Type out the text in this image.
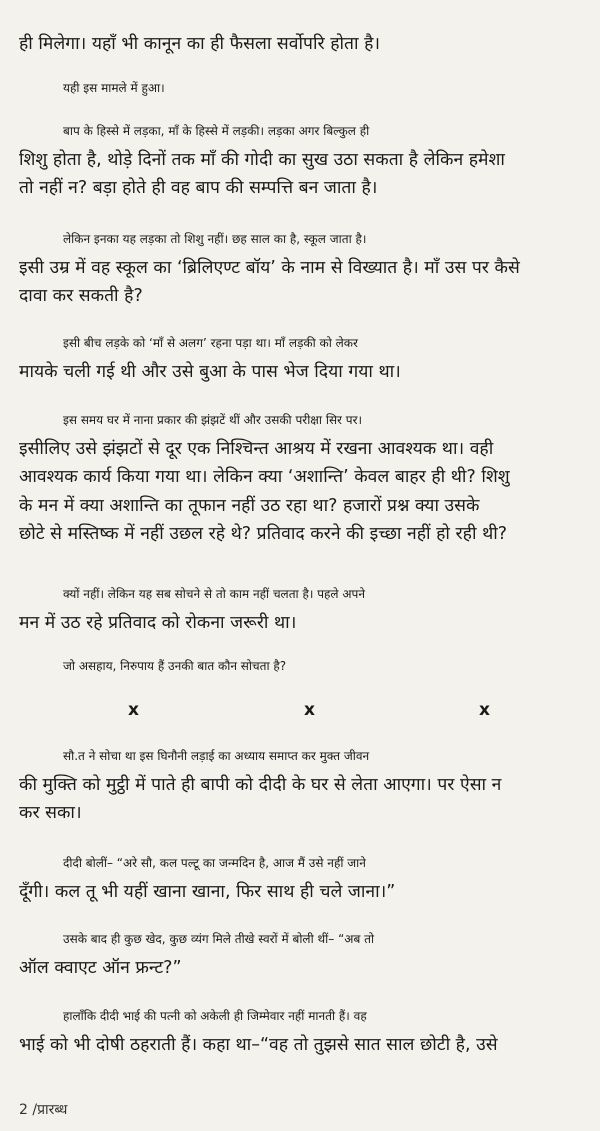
ही मिलेगा। यहाँ भी कानून का ही फैसला सर्वोपरि होता है।
यही इस मामले में हुआ।
बाप के हिस्से में लड़का, माँ के हिस्से में लड़की। लड़का अगर बिल्कुल ही
शिशु होता है, थोड़े दिनों तक माँ की गोदी का सुख उठा सकता है लेकिन हमेशा
तो नहीं न? बड़ा होते ही वह बाप की सम्पत्ति बन जाता है।
लेकिन इनका यह लड़का तो शिशु नहीं। छह साल का है, स्कूल जाता है।
इसी उम्र में वह स्कूल का ‘ब्रिलिएण्ट बॉय’ के नाम से विख्यात है। माँ उस पर कैसे
दावा कर सकती है?
इसी बीच लड़के को ‘माँ से अलग’ रहना पड़ा था। माँ लड़की को लेकर
मायके चली गई थी और उसे बुआ के पास भेज दिया गया था।
इस समय घर में नाना प्रकार की झंझटें थीं और उसकी परीक्षा सिर पर।
इसीलिए उसे झंझटों से दूर एक निश्चिन्त आश्रय में रखना आवश्यक था। वही
आवश्यक कार्य किया गया था। लेकिन क्या ‘अशान्ति’ केवल बाहर ही थी? शिशु
के मन में क्या अशान्ति का तूफान नहीं उठ रहा था? हजारों प्रश्न क्या उसके
छोटे से मस्तिष्क में नहीं उछल रहे थे? प्रतिवाद करने की इच्छा नहीं हो रही थी?
क्यों नहीं। लेकिन यह सब सोचने से तो काम नहीं चलता है। पहले अपने
मन में उठ रहे प्रतिवाद को रोकना जरूरी था।
जो असहाय, निरुपाय हैं उनकी बात कौन सोचता है?
x	x	x
सौ.त ने सोचा था इस घिनौनी लड़ाई का अध्याय समाप्त कर मुक्त जीवन
की मुक्ति को मुट्ठी में पाते ही बापी को दीदी के घर से लेता आएगा। पर ऐसा न
कर सका।
दीदी बोलीं– “अरे सौ, कल पल्टू का जन्मदिन है, आज मैं उसे नहीं जाने
दूँगी। कल तू भी यहीं खाना खाना, फिर साथ ही चले जाना।”
उसके बाद ही कुछ खेद, कुछ व्यंग मिले तीखे स्वरों में बोली थीं– “अब तो
ऑल क्वाएट ऑन फ्रन्ट?”
हालाँकि दीदी भाई की पत्नी को अकेली ही जिम्मेवार नहीं मानती हैं। वह
भाई को भी दोषी ठहराती हैं। कहा था–“वह तो तुझसे सात साल छोटी है, उसे
2 /प्रारब्ध
